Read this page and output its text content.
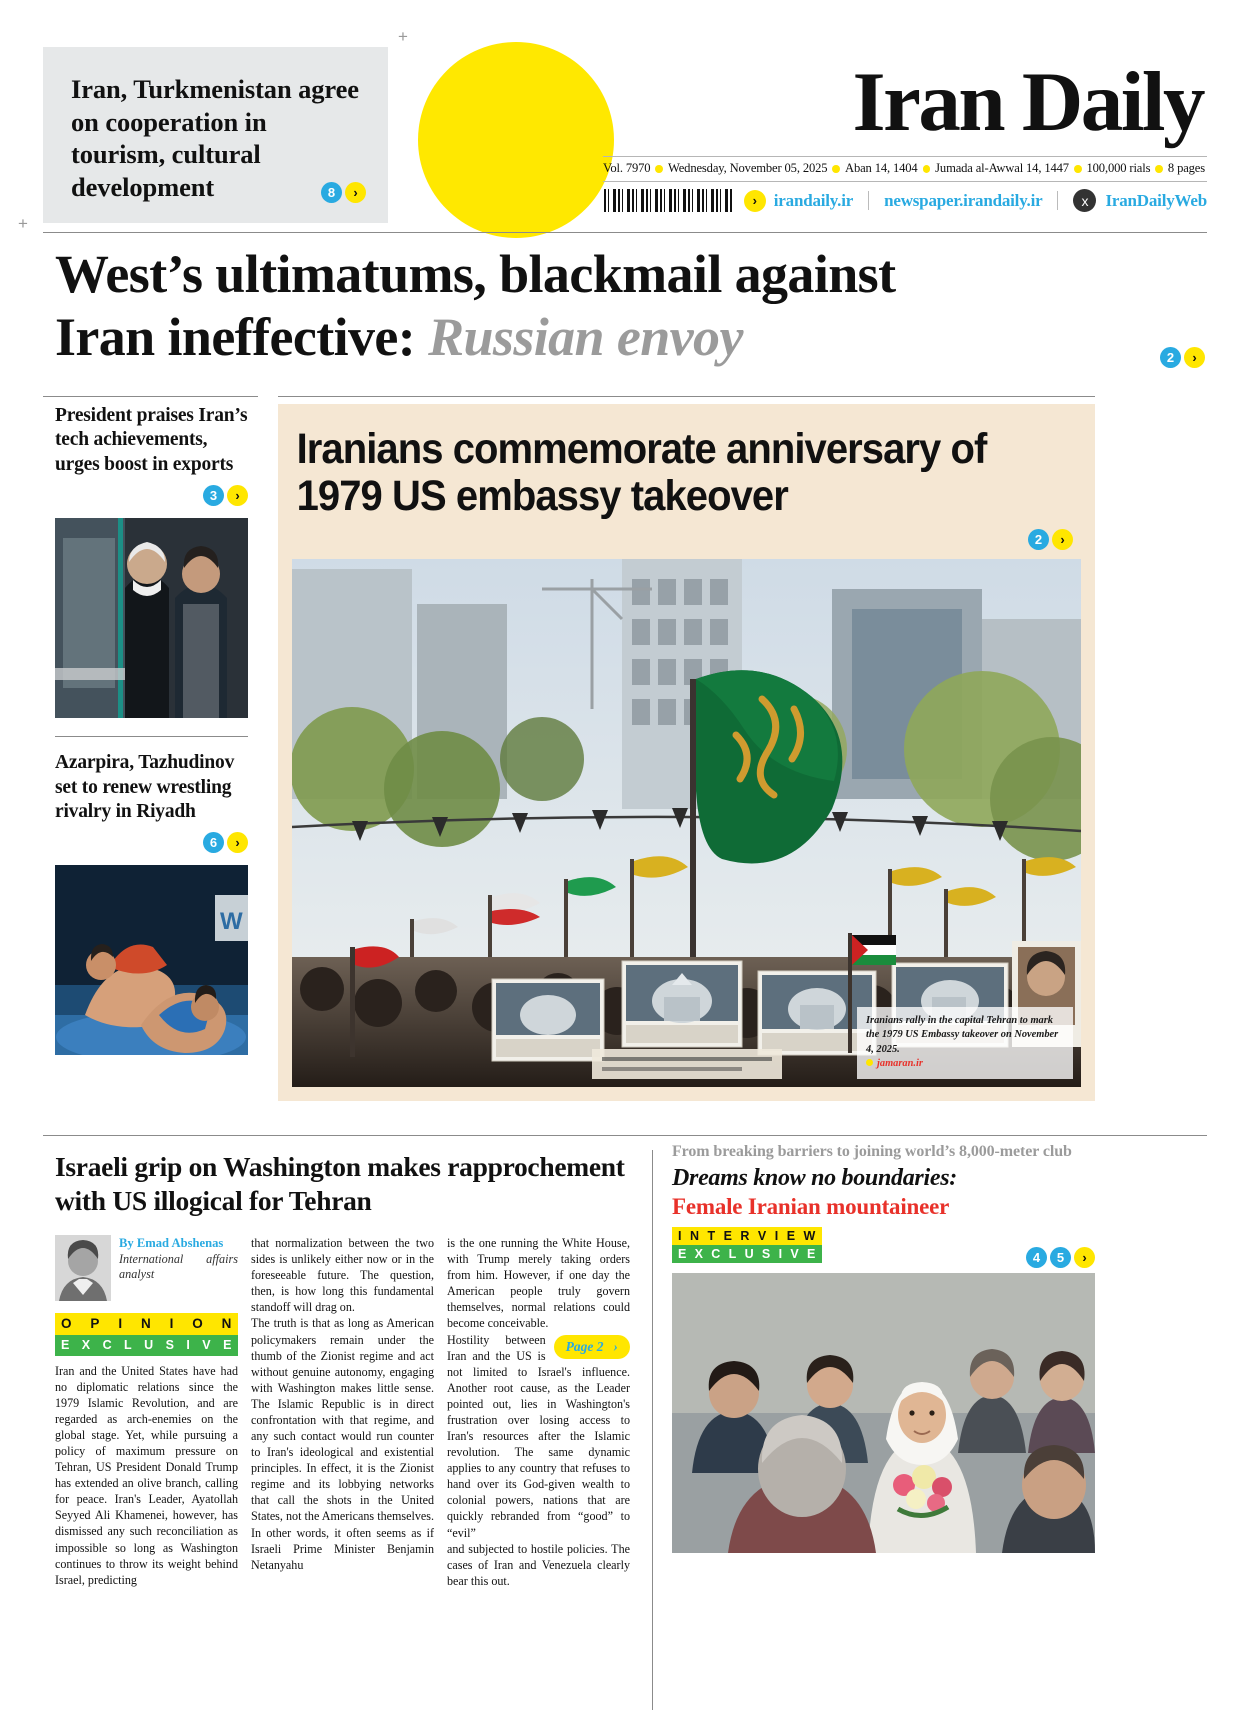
+
+
Iran, Turkmenistan agree on cooperation in tourism, cultural development	8	›
Iran Daily
Vol. 7970 Wednesday, November 05, 2025 Aban 14, 1404 Jumada al-Awwal 14, 1447 100,000 rials 8 pages
› irandaily.ir newspaper.irandaily.ir	x	IranDailyWeb
West’s ultimatums, blackmail against
Iran ineffective: Russian envoy	2	›
President praises Iran’s tech achievements, urges boost in exports
3	›
Azarpira, Tazhudinov set to renew wrestling rivalry in Riyadh
6	›
W
Iranians commemorate anniversary of 1979 US embassy takeover
2	›
Iranians rally in the capital Tehran to mark the 1979 US Embassy takeover on November 4, 2025.
jamaran.ir
Israeli grip on Washington makes rapprochement with US illogical for Tehran
By Emad Abshenas
International affairs analyst
O P I N I O N
E X C L U S I V E

Iran and the United States have had no diplomatic relations since the 1979 Islamic Revolution, and are regarded as arch-enemies on the global stage. Yet, while pursuing a policy of maximum pressure on Tehran, US President Donald Trump has extended an olive branch, calling for peace. Iran's Leader, Ayatollah Seyyed Ali Khamenei, however, has dismissed any such reconciliation as impossible so long as Washington continues to throw its weight behind Israel, predicting

that normalization between the two sides is unlikely either now or in the foreseeable future. The question, then, is how long this fundamental standoff will drag on.

The truth is that as long as American policymakers remain under the thumb of the Zionist regime and act without genuine autonomy, engaging with Washington makes little sense. The Islamic Republic is in direct confrontation with that regime, and any such contact would run counter to Iran's ideological and existential principles. In effect, it is the Zionist regime and its lobbying networks that call the shots in the United States, not the Americans themselves. In other words, it often seems as if Israeli Prime Minister Benjamin Netanyahu

is the one running the White House, with Trump merely taking orders from him. However, if one day the American people truly govern themselves, normal relations could become conceivable.

Page 2 ›
Hostility between Iran and the US is not limited to Israel's influence. Another root cause, as the Leader pointed out, lies in Washington's frustration over losing access to Iran's resources after the Islamic revolution. The same dynamic applies to any country that refuses to hand over its God-given wealth to colonial powers, nations that are quickly rebranded from “good” to “evil”

and subjected to hostile policies. The cases of Iran and Venezuela clearly bear this out.

From breaking barriers to joining world’s 8,000-meter club
Dreams know no boundaries:
Female Iranian mountaineer
I N T E R V I E W
E X C L U S I V E	4	5	›
